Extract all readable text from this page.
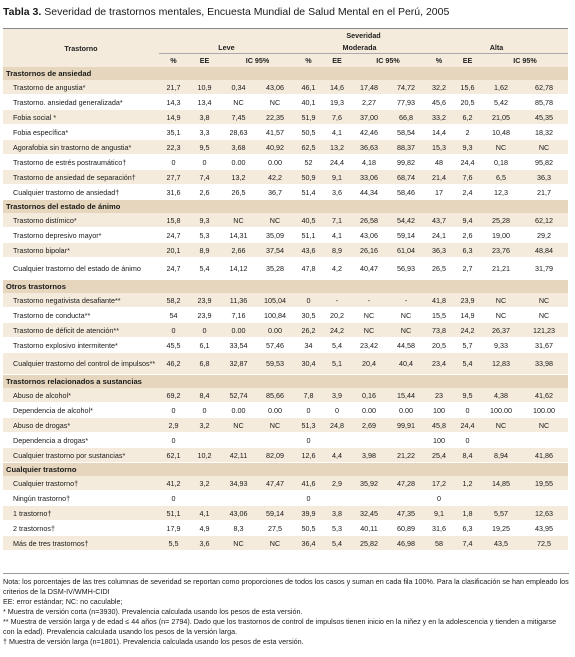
Tabla 3. Severidad de trastornos mentales, Encuesta Mundial de Salud Mental en el Perú, 2005
Trastorno	Severidad											
	Leve				Moderada				Alta			
	%	EE	IC 95%		%	EE	IC 95%		%	EE	IC 95%	
Trastornos de ansiedad												
Trastorno de angustia*	21,7	10,9	0,34	43,06	46,1	14,6	17,48	74,72	32,2	15,6	1,62	62,78
Trastorno. ansiedad generalizada*	14,3	13,4	NC	NC	40,1	19,3	2,27	77,93	45,6	20,5	5,42	85,78
Fobia social *	14,9	3,8	7,45	22,35	51,9	7,6	37,00	66,8	33,2	6,2	21,05	45,35
Fobia específica*	35,1	3,3	28,63	41,57	50,5	4,1	42,46	58,54	14,4	2	10,48	18,32
Agorafobia sin trastorno de angustia*	22,3	9,5	3,68	40,92	62,5	13,2	36,63	88,37	15,3	9,3	NC	NC
Trastorno de estrés postraumático†	0	0	0.00	0.00	52	24,4	4,18	99,82	48	24,4	0,18	95,82
Trastorno de ansiedad de separación†	27,7	7,4	13,2	42,2	50,9	9,1	33,06	68,74	21,4	7,6	6,5	36,3
Cualquier trastorno de ansiedad†	31,6	2,6	26,5	36,7	51,4	3,6	44,34	58,46	17	2,4	12,3	21,7
Trastornos del estado de ánimo												
Trastorno distímico*	15,8	9,3	NC	NC	40,5	7,1	26,58	54,42	43,7	9,4	25,28	62,12
Trastorno depresivo mayor*	24,7	5,3	14,31	35,09	51,1	4,1	43,06	59,14	24,1	2,6	19,00	29,2
Trastorno bipolar*	20,1	8,9	2,66	37,54	43,6	8,9	26,16	61,04	36,3	6,3	23,76	48,84
Cualquier trastorno del estado de ánimo	24,7	5,4	14,12	35,28	47,8	4,2	40,47	56,93	26,5	2,7	21,21	31,79
Otros trastornos												
Trastorno negativista desafiante**	58,2	23,9	11,36	105,04	0	-	-	-	41,8	23,9	NC	NC
Trastorno de conducta**	54	23,9	7,16	100,84	30,5	20,2	NC	NC	15,5	14,9	NC	NC
Trastorno de déficit de atención**	0	0	0.00	0.00	26,2	24,2	NC	NC	73,8	24,2	26,37	121,23
Trastorno explosivo intermitente*	45,5	6,1	33,54	57,46	34	5,4	23,42	44,58	20,5	5,7	9,33	31,67
Cualquier trastorno del control de impulsos**	46,2	6,8	32,87	59,53	30,4	5,1	20,4	40,4	23,4	5,4	12,83	33,98
Trastornos relacionados a sustancias												
Abuso de alcohol*	69,2	8,4	52,74	85,66	7,8	3,9	0,16	15,44	23	9,5	4,38	41,62
Dependencia de alcohol*	0	0	0.00	0.00	0	0	0.00	0.00	100	0	100.00	100.00
Abuso de drogas*	2,9	3,2	NC	NC	51,3	24,8	2,69	99,91	45,8	24,4	NC	NC
Dependencia a drogas*	0				0				100	0		
Cualquier trastorno por sustancias*	62,1	10,2	42,11	82,09	12,6	4,4	3,98	21,22	25,4	8,4	8,94	41,86
Cualquier trastorno												
Cualquier trastorno†	41,2	3,2	34,93	47,47	41,6	2,9	35,92	47,28	17,2	1,2	14,85	19,55
Ningún trastorno†	0				0				0			
1 trastorno†	51,1	4,1	43,06	59,14	39,9	3,8	32,45	47,35	9,1	1,8	5,57	12,63
2 trastornos†	17,9	4,9	8,3	27,5	50,5	5,3	40,11	60,89	31,6	6,3	19,25	43,95
Más de tres trastornos†	5,5	3,6	NC	NC	36,4	5,4	25,82	46,98	58	7,4	43,5	72,5
Nota: los porcentajes de las tres columnas de severidad se reportan como proporciones de todos los casos y suman en cada fila 100%. Para la clasificación se han empleado los criterios de la DSM-IV/WMH-CIDI
EE: error estándar; NC: no caculable;
* Muestra de versión corta (n=3930). Prevalencia calculada usando los pesos de esta versión.
** Muestra de versión larga y de edad ≤ 44 años (n= 2794). Dado que los trastornos de control de impulsos tienen inicio en la niñez y en la adolescencia y tienden a mitigarse con la edad). Prevalencia calculada usando los pesos de la versión larga.
† Muestra de versión larga (n=1801). Prevalencia calculada usando los pesos de esta versión.
